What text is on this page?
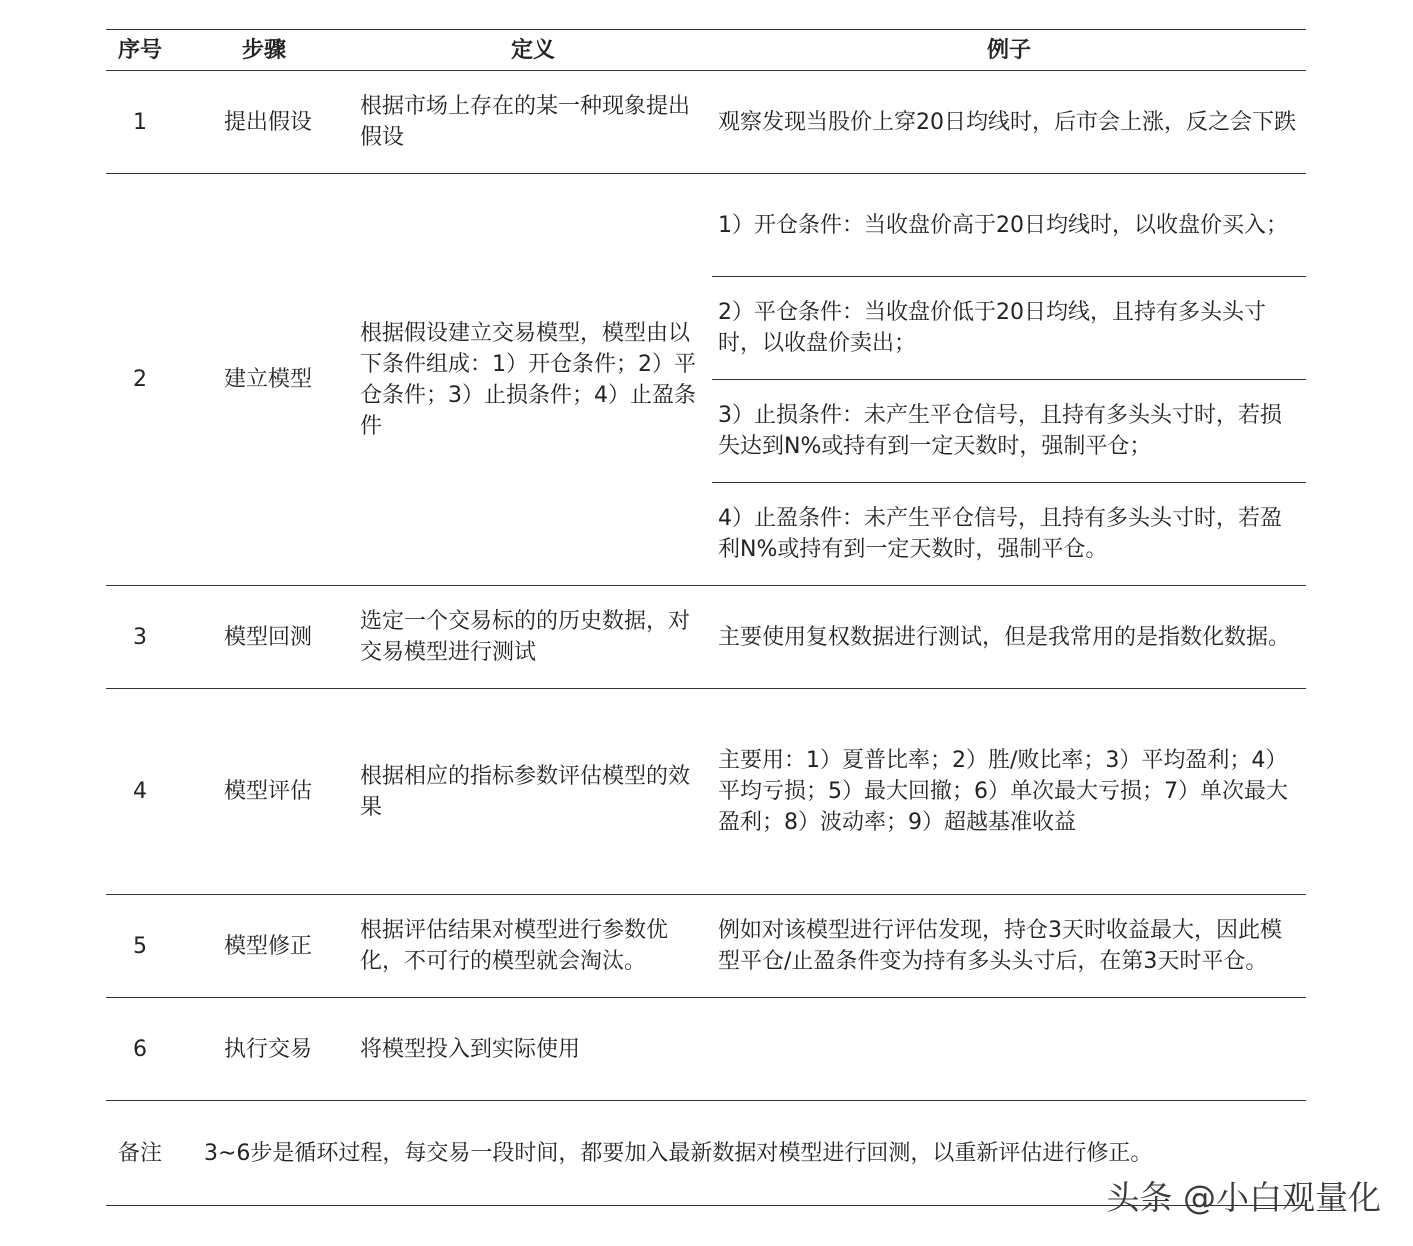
序号	步骤	定义	例子
1	提出假设	根据市场上存在的某一种现象提出假设	观察发现当股价上穿20日均线时，后市会上涨，反之会下跌
2	建立模型	根据假设建立交易模型，模型由以下条件组成：1）开仓条件；2）平仓条件；3）止损条件；4）止盈条件	1）开仓条件：当收盘价高于20日均线时，以收盘价买入；
			2）平仓条件：当收盘价低于20日均线，且持有多头头寸时，以收盘价卖出；
			3）止损条件：未产生平仓信号，且持有多头头寸时，若损失达到N%或持有到一定天数时，强制平仓；
			4）止盈条件：未产生平仓信号，且持有多头头寸时，若盈利N%或持有到一定天数时，强制平仓。
3	模型回测	选定一个交易标的的历史数据，对交易模型进行测试	主要使用复权数据进行测试，但是我常用的是指数化数据。
4	模型评估	根据相应的指标参数评估模型的效果	主要用：1）夏普比率；2）胜/败比率；3）平均盈利；4）平均亏损；5）最大回撤；6）单次最大亏损；7）单次最大盈利；8）波动率；9）超越基准收益
5	模型修正	根据评估结果对模型进行参数优化，不可行的模型就会淘汰。	例如对该模型进行评估发现，持仓3天时收益最大，因此模型平仓/止盈条件变为持有多头头寸后，在第3天时平仓。
6	执行交易	将模型投入到实际使用	
备注	3~6步是循环过程，每交易一段时间，都要加入最新数据对模型进行回测，以重新评估进行修正。		
头条 @小白观量化
